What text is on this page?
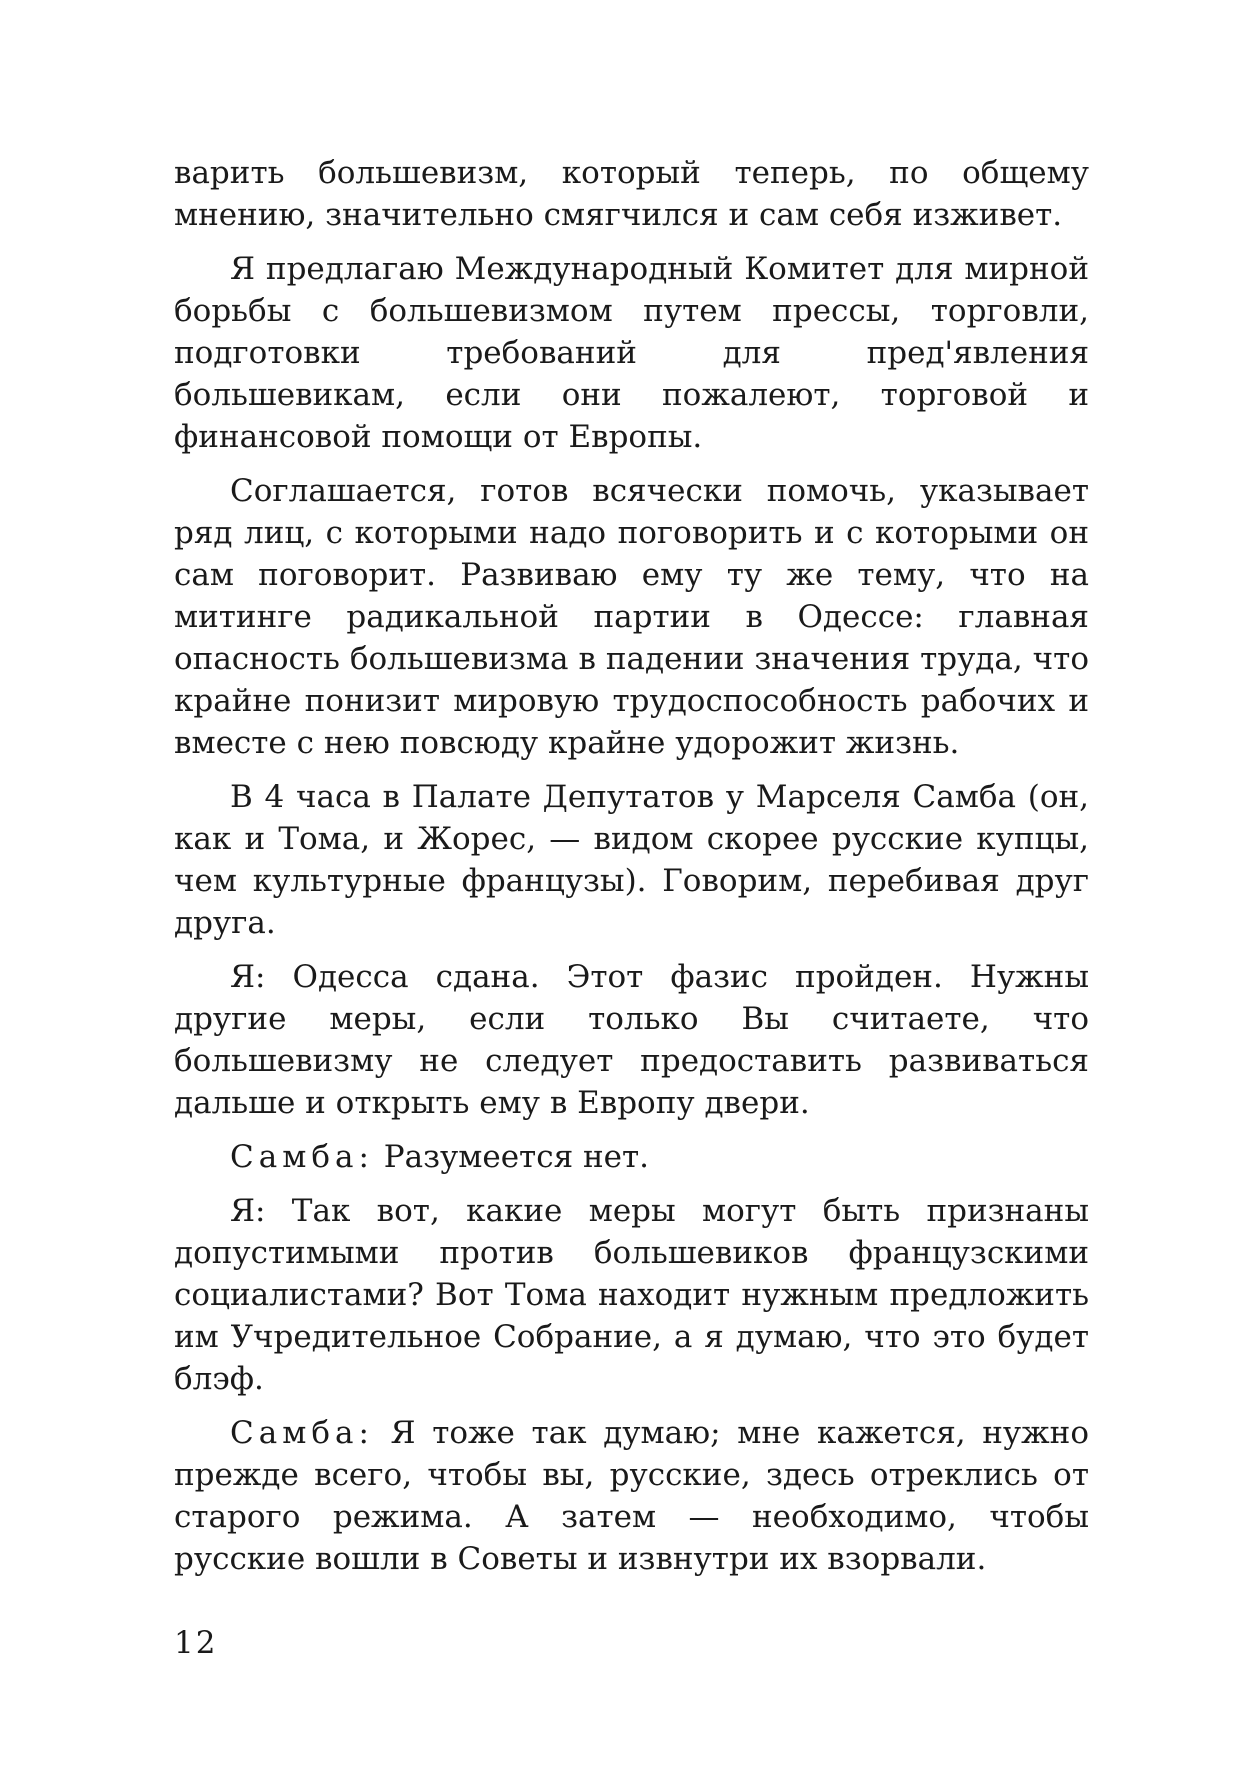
варить большевизм, который теперь, по общему мнению, значительно смягчился и сам себя изживет.

Я предлагаю Международный Комитет для мирной борьбы с большевизмом путем прессы, торговли, подготовки требований для пред'явления большевикам, если они пожалеют, торговой и финансовой помощи от Европы.

Соглашается, готов всячески помочь, указывает ряд лиц, с которыми надо поговорить и с которыми он сам поговорит. Развиваю ему ту же тему, что на митинге радикальной партии в Одессе: главная опасность большевизма в падении значения труда, что крайне понизит мировую трудоспособность рабочих и вместе с нею повсюду крайне удорожит жизнь.

В 4 часа в Палате Депутатов у Марселя Самба (он, как и Тома, и Жорес, — видом скорее русские купцы, чем культурные французы). Говорим, перебивая друг друга.

Я: Одесса сдана. Этот фазис пройден. Нужны другие меры, если только Вы считаете, что большевизму не следует предоставить развиваться дальше и открыть ему в Европу двери.

Самба: Разумеется нет.

Я: Так вот, какие меры могут быть признаны допустимыми против большевиков французскими социалистами? Вот Тома находит нужным предложить им Учредительное Собрание, а я думаю, что это будет блэф.

Самба: Я тоже так думаю; мне кажется, нужно прежде всего, чтобы вы, русские, здесь отреклись от старого режима. А затем — необходимо, чтобы русские вошли в Советы и извнутри их взорвали.

12
